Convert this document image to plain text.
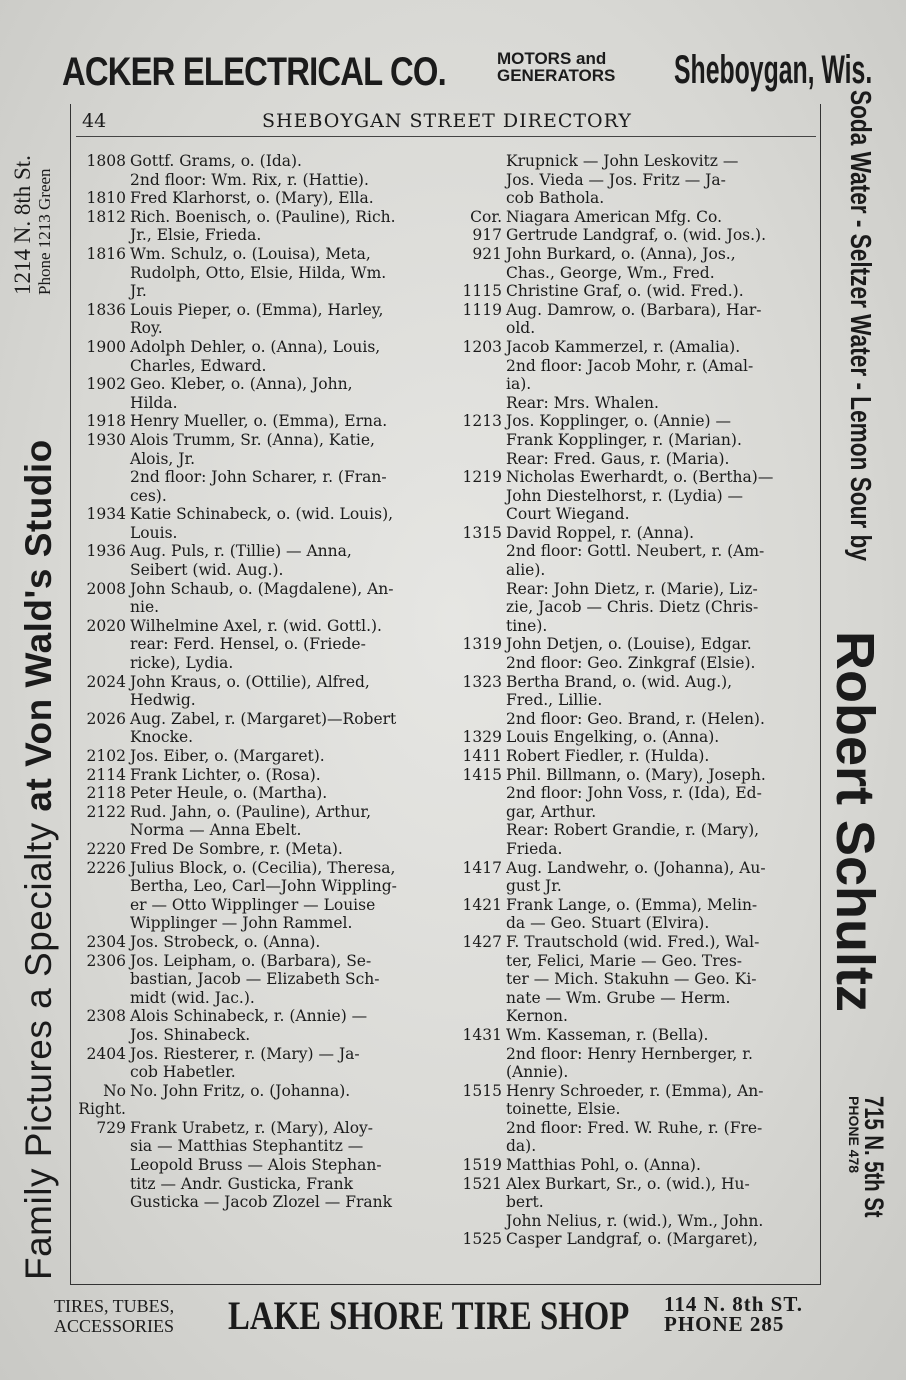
ACKER ELECTRICAL CO.	MOTORS and
GENERATORS Sheboygan, Wis.
Family Pictures a Specialty at Von Wald's Studio
1214 N. 8th St. Phone 1213 Green	Soda Water - Seltzer Water - Lemon Sour by
Robert Schultz
715 N. 5th St
PHONE 478
44	SHEBOYGAN STREET DIRECTORY
1808 Gottf. Grams, o. (Ida).
2nd floor: Wm. Rix, r. (Hattie).
1810 Fred Klarhorst, o. (Mary), Ella.
1812 Rich. Boenisch, o. (Pauline), Rich.
Jr., Elsie, Frieda.
1816 Wm. Schulz, o. (Louisa), Meta,
Rudolph, Otto, Elsie, Hilda, Wm.
Jr.
1836 Louis Pieper, o. (Emma), Harley,
Roy.
1900 Adolph Dehler, o. (Anna), Louis,
Charles, Edward.
1902 Geo. Kleber, o. (Anna), John,
Hilda.
1918 Henry Mueller, o. (Emma), Erna.
1930 Alois Trumm, Sr. (Anna), Katie,
Alois, Jr.
2nd floor: John Scharer, r. (Fran-
ces).
1934 Katie Schinabeck, o. (wid. Louis),
Louis.
1936 Aug. Puls, r. (Tillie) — Anna,
Seibert (wid. Aug.).
2008 John Schaub, o. (Magdalene), An-
nie.
2020 Wilhelmine Axel, r. (wid. Gottl.).
rear: Ferd. Hensel, o. (Friede-
ricke), Lydia.
2024 John Kraus, o. (Ottilie), Alfred,
Hedwig.
2026 Aug. Zabel, r. (Margaret)—Robert
Knocke.
2102 Jos. Eiber, o. (Margaret).
2114 Frank Lichter, o. (Rosa).
2118 Peter Heule, o. (Martha).
2122 Rud. Jahn, o. (Pauline), Arthur,
Norma — Anna Ebelt.
2220 Fred De Sombre, r. (Meta).
2226 Julius Block, o. (Cecilia), Theresa,
Bertha, Leo, Carl—John Wippling-
er — Otto Wipplinger — Louise
Wipplinger — John Rammel.
2304 Jos. Strobeck, o. (Anna).
2306 Jos. Leipham, o. (Barbara), Se-
bastian, Jacob — Elizabeth Sch-
midt (wid. Jac.).
2308 Alois Schinabeck, r. (Annie) —
Jos. Shinabeck.
2404 Jos. Riesterer, r. (Mary) — Ja-
cob Habetler.
No No. John Fritz, o. (Johanna).
Right.
729 Frank Urabetz, r. (Mary), Aloy-
sia — Matthias Stephantitz —
Leopold Bruss — Alois Stephan-
titz — Andr. Gusticka, Frank
Gusticka — Jacob Zlozel — Frank
Krupnick — John Leskovitz —
Jos. Vieda — Jos. Fritz — Ja-
cob Bathola.
Cor. Niagara American Mfg. Co.
917 Gertrude Landgraf, o. (wid. Jos.).
921 John Burkard, o. (Anna), Jos.,
Chas., George, Wm., Fred.
1115 Christine Graf, o. (wid. Fred.).
1119 Aug. Damrow, o. (Barbara), Har-
old.
1203 Jacob Kammerzel, r. (Amalia).
2nd floor: Jacob Mohr, r. (Amal-
ia).
Rear: Mrs. Whalen.
1213 Jos. Kopplinger, o. (Annie) —
Frank Kopplinger, r. (Marian).
Rear: Fred. Gaus, r. (Maria).
1219 Nicholas Ewerhardt, o. (Bertha)—
John Diestelhorst, r. (Lydia) —
Court Wiegand.
1315 David Roppel, r. (Anna).
2nd floor: Gottl. Neubert, r. (Am-
alie).
Rear: John Dietz, r. (Marie), Liz-
zie, Jacob — Chris. Dietz (Chris-
tine).
1319 John Detjen, o. (Louise), Edgar.
2nd floor: Geo. Zinkgraf (Elsie).
1323 Bertha Brand, o. (wid. Aug.),
Fred., Lillie.
2nd floor: Geo. Brand, r. (Helen).
1329 Louis Engelking, o. (Anna).
1411 Robert Fiedler, r. (Hulda).
1415 Phil. Billmann, o. (Mary), Joseph.
2nd floor: John Voss, r. (Ida), Ed-
gar, Arthur.
Rear: Robert Grandie, r. (Mary),
Frieda.
1417 Aug. Landwehr, o. (Johanna), Au-
gust Jr.
1421 Frank Lange, o. (Emma), Melin-
da — Geo. Stuart (Elvira).
1427 F. Trautschold (wid. Fred.), Wal-
ter, Felici, Marie — Geo. Tres-
ter — Mich. Stakuhn — Geo. Ki-
nate — Wm. Grube — Herm.
Kernon.
1431 Wm. Kasseman, r. (Bella).
2nd floor: Henry Hernberger, r.
(Annie).
1515 Henry Schroeder, r. (Emma), An-
toinette, Elsie.
2nd floor: Fred. W. Ruhe, r. (Fre-
da).
1519 Matthias Pohl, o. (Anna).
1521 Alex Burkart, Sr., o. (wid.), Hu-
bert.
John Nelius, r. (wid.), Wm., John.
1525 Casper Landgraf, o. (Margaret),
TIRES, TUBES,
ACCESSORIES LAKE SHORE TIRE SHOP 114 N. 8th ST.
PHONE 285
